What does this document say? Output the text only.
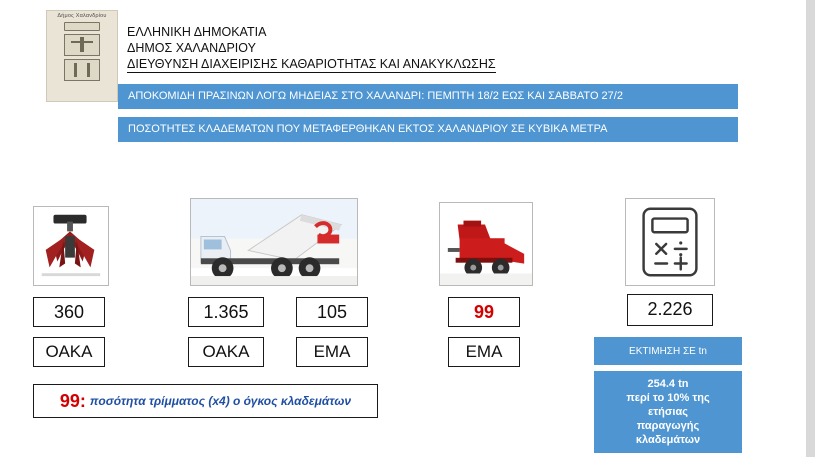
Δήμος Χαλανδρίου
ΕΛΛΗΝΙΚΗ ΔΗΜΟΚΑΤΙΑ
ΔΗΜΟΣ ΧΑΛΑΝΔΡΙΟΥ
ΔΙΕΥΘΥΝΣΗ ΔΙΑΧΕΙΡΙΣΗΣ ΚΑΘΑΡΙΟΤΗΤΑΣ ΚΑΙ ΑΝΑΚΥΚΛΩΣΗΣ
ΑΠΟΚΟΜΙΔΗ ΠΡΑΣΙΝΩΝ ΛΟΓΩ ΜΗΔΕΙΑΣ ΣΤΟ ΧΑΛΑΝΔΡΙ: ΠΕΜΠΤΗ 18/2 ΕΩΣ ΚΑΙ ΣΑΒΒΑΤΟ 27/2
ΠΟΣΟΤΗΤΕΣ ΚΛΑΔΕΜΑΤΩΝ ΠΟΥ ΜΕΤΑΦΕΡΘΗΚΑΝ ΕΚΤΟΣ ΧΑΛΑΝΔΡΙΟΥ ΣΕ ΚΥΒΙΚΑ ΜΕΤΡΑ
360
ΟΑΚΑ
1.365
ΟΑΚΑ
105
ΕΜΑ
99
ΕΜΑ
2.226
99: ποσότητα τρίμματος (x4) ο όγκος κλαδεμάτων
ΕΚΤΙΜΗΣΗ ΣΕ tn
254.4 tn
περί το 10% της
ετήσιας
παραγωγής
κλαδεμάτων
